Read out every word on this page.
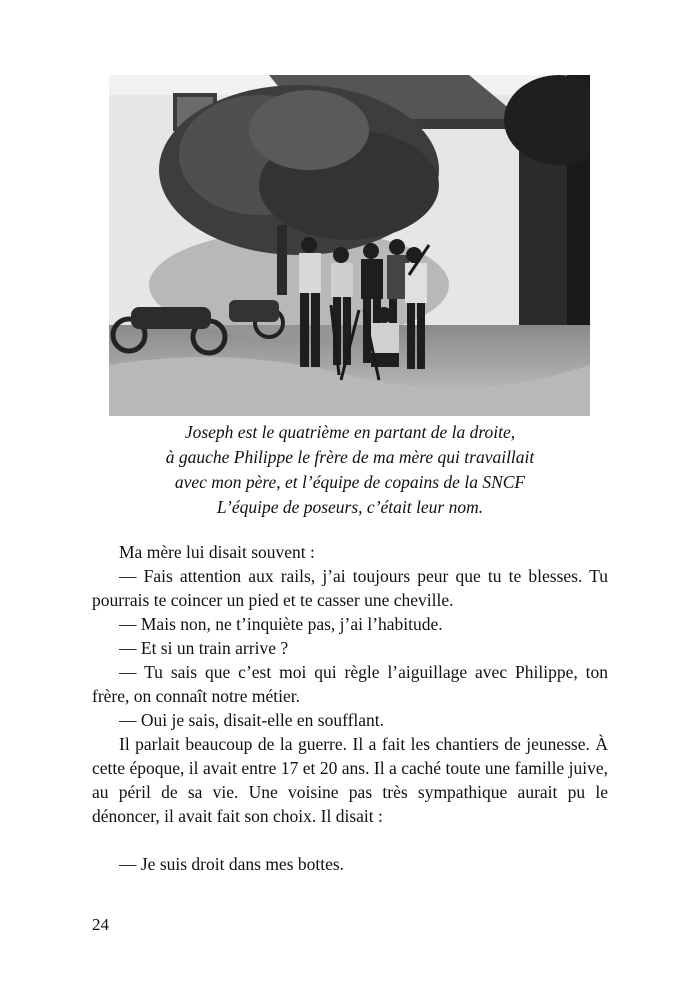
Joseph est le quatrième en partant de la droite,
à gauche Philippe le frère de ma mère qui travaillait
avec mon père, et l’équipe de copains de la SNCF
L’équipe de poseurs, c’était leur nom.

Ma mère lui disait souvent :

— Fais attention aux rails, j’ai toujours peur que tu te blesses. Tu pourrais te coincer un pied et te casser une cheville.

— Mais non, ne t’inquiète pas, j’ai l’habitude.

— Et si un train arrive ?

— Tu sais que c’est moi qui règle l’aiguillage avec Philippe, ton frère, on connaît notre métier.

— Oui je sais, disait-elle en soufflant.

Il parlait beaucoup de la guerre. Il a fait les chantiers de jeunesse. À cette époque, il avait entre 17 et 20 ans. Il a caché toute une famille juive, au péril de sa vie. Une voisine pas très sympathique aurait pu le dénoncer, il avait fait son choix. Il disait :

— Je suis droit dans mes bottes.

24
